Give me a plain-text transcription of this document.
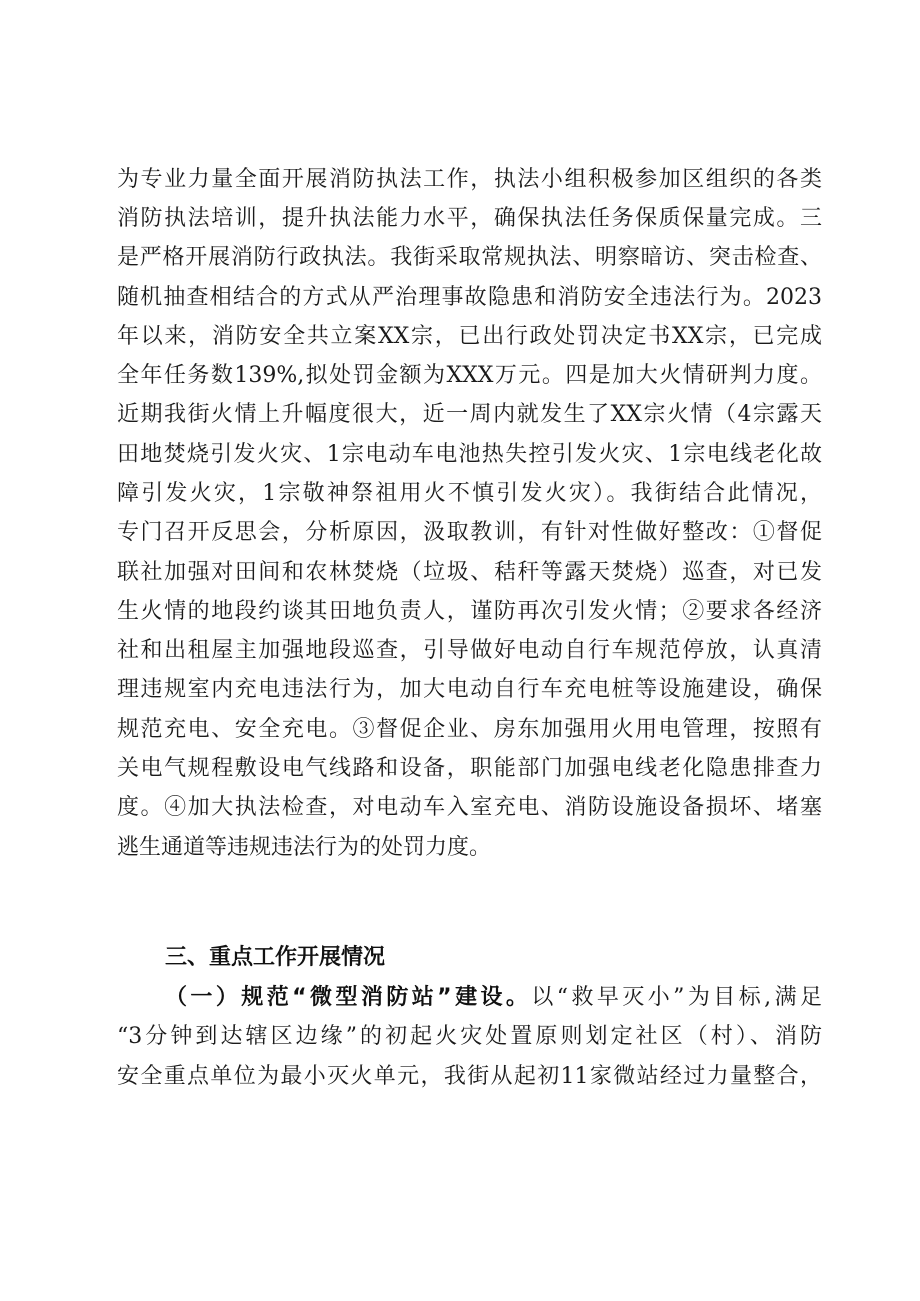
为专业力量全面开展消防执法工作，执法小组积极参加区组织的各类
消防执法培训，提升执法能力水平，确保执法任务保质保量完成。三
是严格开展消防行政执法。我街采取常规执法、明察暗访、突击检查、
随机抽查相结合的方式从严治理事故隐患和消防安全违法行为。2023
年以来，消防安全共立案XX宗，已出行政处罚决定书XX宗，已完成
全年任务数139%,拟处罚金额为XXX万元。四是加大火情研判力度。
近期我街火情上升幅度很大，近一周内就发生了XX宗火情（4宗露天
田地焚烧引发火灾、1宗电动车电池热失控引发火灾、1宗电线老化故
障引发火灾，1宗敬神祭祖用火不慎引发火灾）。我街结合此情况，
专门召开反思会，分析原因，汲取教训，有针对性做好整改：①督促
联社加强对田间和农林焚烧（垃圾、秸秆等露天焚烧）巡查，对已发
生火情的地段约谈其田地负责人，谨防再次引发火情；②要求各经济
社和出租屋主加强地段巡查，引导做好电动自行车规范停放，认真清
理违规室内充电违法行为，加大电动自行车充电桩等设施建设，确保
规范充电、安全充电。③督促企业、房东加强用火用电管理，按照有
关电气规程敷设电气线路和设备，职能部门加强电线老化隐患排查力
度。④加大执法检查，对电动车入室充电、消防设施设备损坏、堵塞
逃生通道等违规违法行为的处罚力度。
三、重点工作开展情况
（一）规范“微型消防站”建设。以“救早灭小”为目标,满足
“3分钟到达辖区边缘”的初起火灾处置原则划定社区（村）、消防
安全重点单位为最小灭火单元，我街从起初11家微站经过力量整合，
